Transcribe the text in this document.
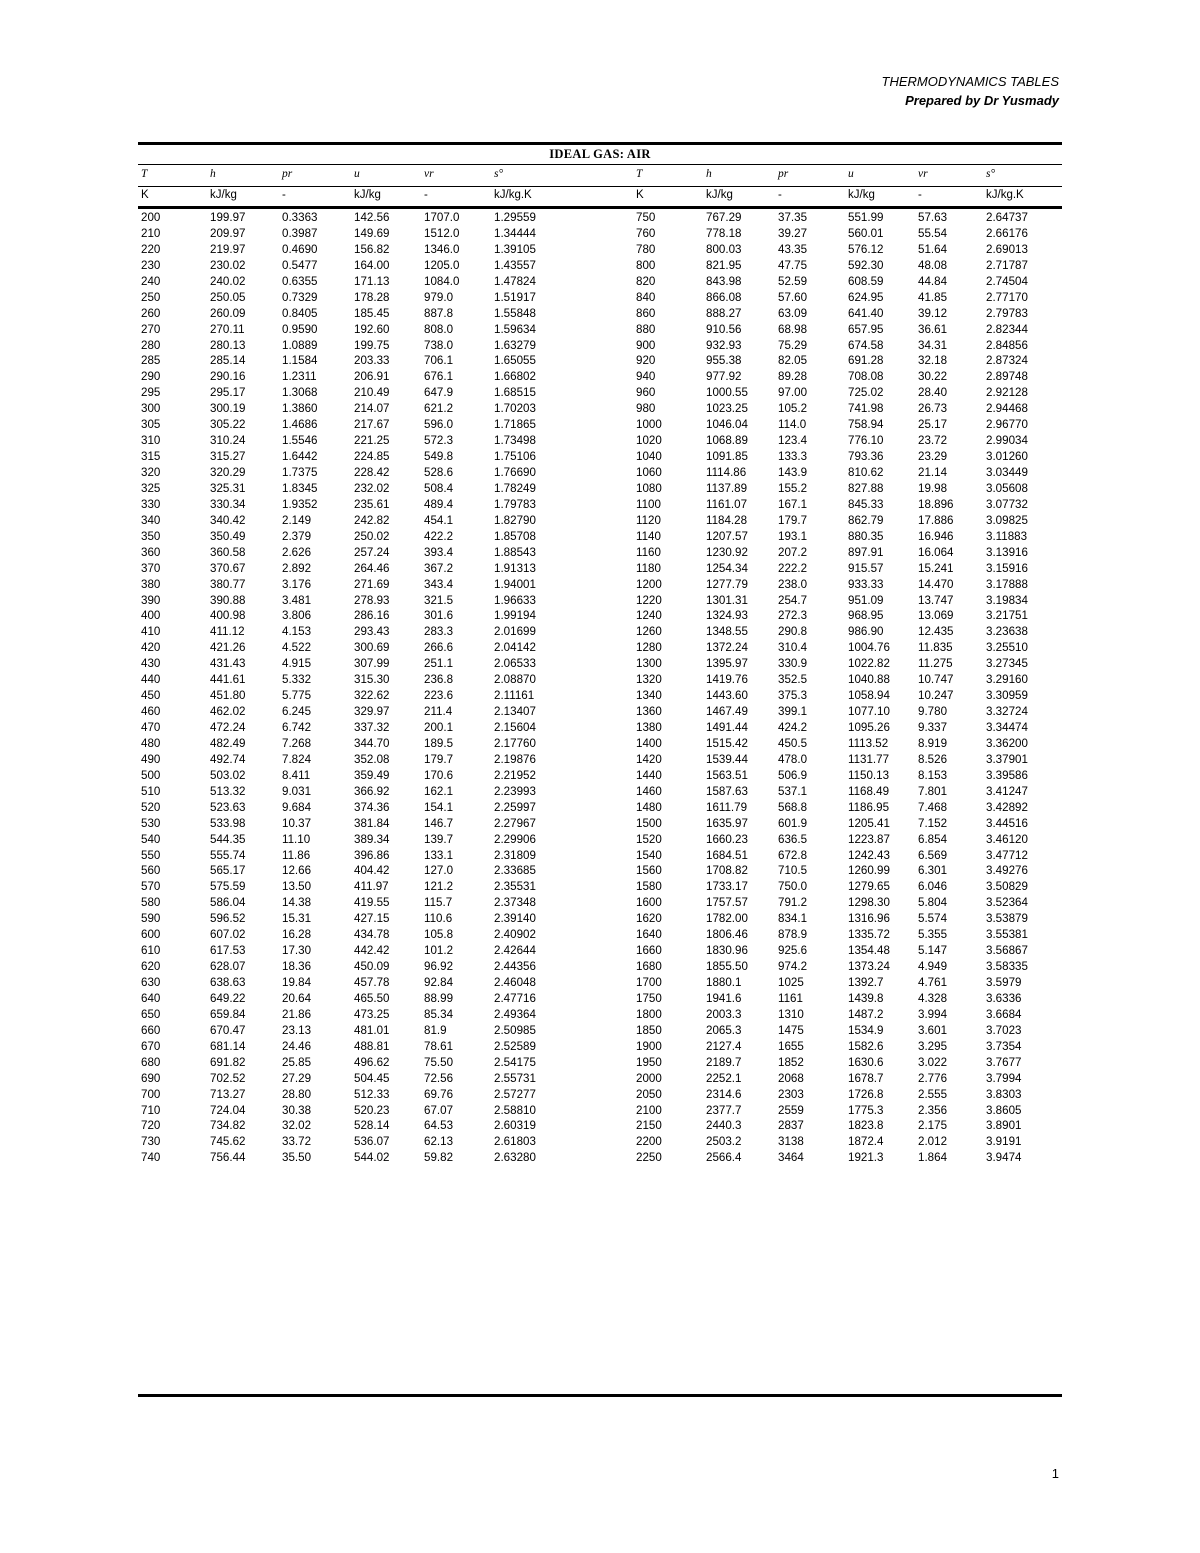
THERMODYNAMICS TABLES
Prepared by Dr Yusmady
IDEAL GAS: AIR
T	h	pr	u	vr	s°	T	h	pr	u	vr	s°
K	kJ/kg	-	kJ/kg	-	kJ/kg.K	K	kJ/kg	-	kJ/kg	-	kJ/kg.K
200	199.97	0.3363	142.56	1707.0	1.29559	750	767.29	37.35	551.99	57.63	2.64737
210	209.97	0.3987	149.69	1512.0	1.34444	760	778.18	39.27	560.01	55.54	2.66176
220	219.97	0.4690	156.82	1346.0	1.39105	780	800.03	43.35	576.12	51.64	2.69013
230	230.02	0.5477	164.00	1205.0	1.43557	800	821.95	47.75	592.30	48.08	2.71787
240	240.02	0.6355	171.13	1084.0	1.47824	820	843.98	52.59	608.59	44.84	2.74504
250	250.05	0.7329	178.28	979.0	1.51917	840	866.08	57.60	624.95	41.85	2.77170
260	260.09	0.8405	185.45	887.8	1.55848	860	888.27	63.09	641.40	39.12	2.79783
270	270.11	0.9590	192.60	808.0	1.59634	880	910.56	68.98	657.95	36.61	2.82344
280	280.13	1.0889	199.75	738.0	1.63279	900	932.93	75.29	674.58	34.31	2.84856
285	285.14	1.1584	203.33	706.1	1.65055	920	955.38	82.05	691.28	32.18	2.87324
290	290.16	1.2311	206.91	676.1	1.66802	940	977.92	89.28	708.08	30.22	2.89748
295	295.17	1.3068	210.49	647.9	1.68515	960	1000.55	97.00	725.02	28.40	2.92128
300	300.19	1.3860	214.07	621.2	1.70203	980	1023.25	105.2	741.98	26.73	2.94468
305	305.22	1.4686	217.67	596.0	1.71865	1000	1046.04	114.0	758.94	25.17	2.96770
310	310.24	1.5546	221.25	572.3	1.73498	1020	1068.89	123.4	776.10	23.72	2.99034
315	315.27	1.6442	224.85	549.8	1.75106	1040	1091.85	133.3	793.36	23.29	3.01260
320	320.29	1.7375	228.42	528.6	1.76690	1060	1114.86	143.9	810.62	21.14	3.03449
325	325.31	1.8345	232.02	508.4	1.78249	1080	1137.89	155.2	827.88	19.98	3.05608
330	330.34	1.9352	235.61	489.4	1.79783	1100	1161.07	167.1	845.33	18.896	3.07732
340	340.42	2.149	242.82	454.1	1.82790	1120	1184.28	179.7	862.79	17.886	3.09825
350	350.49	2.379	250.02	422.2	1.85708	1140	1207.57	193.1	880.35	16.946	3.11883
360	360.58	2.626	257.24	393.4	1.88543	1160	1230.92	207.2	897.91	16.064	3.13916
370	370.67	2.892	264.46	367.2	1.91313	1180	1254.34	222.2	915.57	15.241	3.15916
380	380.77	3.176	271.69	343.4	1.94001	1200	1277.79	238.0	933.33	14.470	3.17888
390	390.88	3.481	278.93	321.5	1.96633	1220	1301.31	254.7	951.09	13.747	3.19834
400	400.98	3.806	286.16	301.6	1.99194	1240	1324.93	272.3	968.95	13.069	3.21751
410	411.12	4.153	293.43	283.3	2.01699	1260	1348.55	290.8	986.90	12.435	3.23638
420	421.26	4.522	300.69	266.6	2.04142	1280	1372.24	310.4	1004.76 11.835	3.25510
430	431.43	4.915	307.99	251.1	2.06533	1300	1395.97	330.9	1022.82 11.275	3.27345
440	441.61	5.332	315.30	236.8	2.08870	1320	1419.76	352.5	1040.88 10.747	3.29160
450	451.80	5.775	322.62	223.6	2.11161	1340	1443.60	375.3	1058.94 10.247	3.30959
460	462.02	6.245	329.97	211.4	2.13407	1360	1467.49	399.1	1077.10 9.780	3.32724
470	472.24	6.742	337.32	200.1	2.15604	1380	1491.44	424.2	1095.26 9.337	3.34474
480	482.49	7.268	344.70	189.5	2.17760	1400	1515.42	450.5	1113.52	8.919	3.36200
490	492.74	7.824	352.08	179.7	2.19876	1420	1539.44	478.0	1131.77 8.526	3.37901
500	503.02	8.411	359.49	170.6	2.21952	1440	1563.51	506.9	1150.13 8.153	3.39586
510	513.32	9.031	366.92	162.1	2.23993	1460	1587.63	537.1	1168.49 7.801	3.41247
520	523.63	9.684	374.36	154.1	2.25997	1480	1611.79	568.8	1186.95 7.468	3.42892
530	533.98	10.37	381.84	146.7	2.27967	1500	1635.97	601.9	1205.41 7.152	3.44516
540	544.35	11.10	389.34	139.7	2.29906	1520	1660.23	636.5	1223.87 6.854	3.46120
550	555.74	11.86	396.86	133.1	2.31809	1540	1684.51	672.8	1242.43 6.569	3.47712
560	565.17	12.66	404.42	127.0	2.33685	1560	1708.82	710.5	1260.99 6.301	3.49276
570	575.59	13.50	411.97	121.2	2.35531	1580	1733.17	750.0	1279.65 6.046	3.50829
580	586.04	14.38	419.55	115.7	2.37348	1600	1757.57	791.2	1298.30 5.804	3.52364
590	596.52	15.31	427.15	110.6	2.39140	1620	1782.00	834.1	1316.96 5.574	3.53879
600	607.02	16.28	434.78	105.8	2.40902	1640	1806.46	878.9	1335.72 5.355	3.55381
610	617.53	17.30	442.42	101.2	2.42644	1660	1830.96	925.6	1354.48 5.147	3.56867
620	628.07	18.36	450.09	96.92	2.44356	1680	1855.50	974.2	1373.24 4.949	3.58335
630	638.63	19.84	457.78	92.84	2.46048	1700	1880.1	1025	1392.7	4.761	3.5979
640	649.22	20.64	465.50	88.99	2.47716	1750	1941.6	1161	1439.8	4.328	3.6336
650	659.84	21.86	473.25	85.34	2.49364	1800	2003.3	1310	1487.2	3.994	3.6684
660	670.47	23.13	481.01	81.9	2.50985	1850	2065.3	1475	1534.9	3.601	3.7023
670	681.14	24.46	488.81	78.61	2.52589	1900	2127.4	1655	1582.6	3.295	3.7354
680	691.82	25.85	496.62	75.50	2.54175	1950	2189.7	1852	1630.6	3.022	3.7677
690	702.52	27.29	504.45	72.56	2.55731	2000	2252.1	2068	1678.7	2.776	3.7994
700	713.27	28.80	512.33	69.76	2.57277	2050	2314.6	2303	1726.8	2.555	3.8303
710	724.04	30.38	520.23	67.07	2.58810	2100	2377.7	2559	1775.3	2.356	3.8605
720	734.82	32.02	528.14	64.53	2.60319	2150	2440.3	2837	1823.8	2.175	3.8901
730	745.62	33.72	536.07	62.13	2.61803	2200	2503.2	3138	1872.4	2.012	3.9191
740	756.44	35.50	544.02	59.82	2.63280	2250	2566.4	3464	1921.3	1.864	3.9474
1
